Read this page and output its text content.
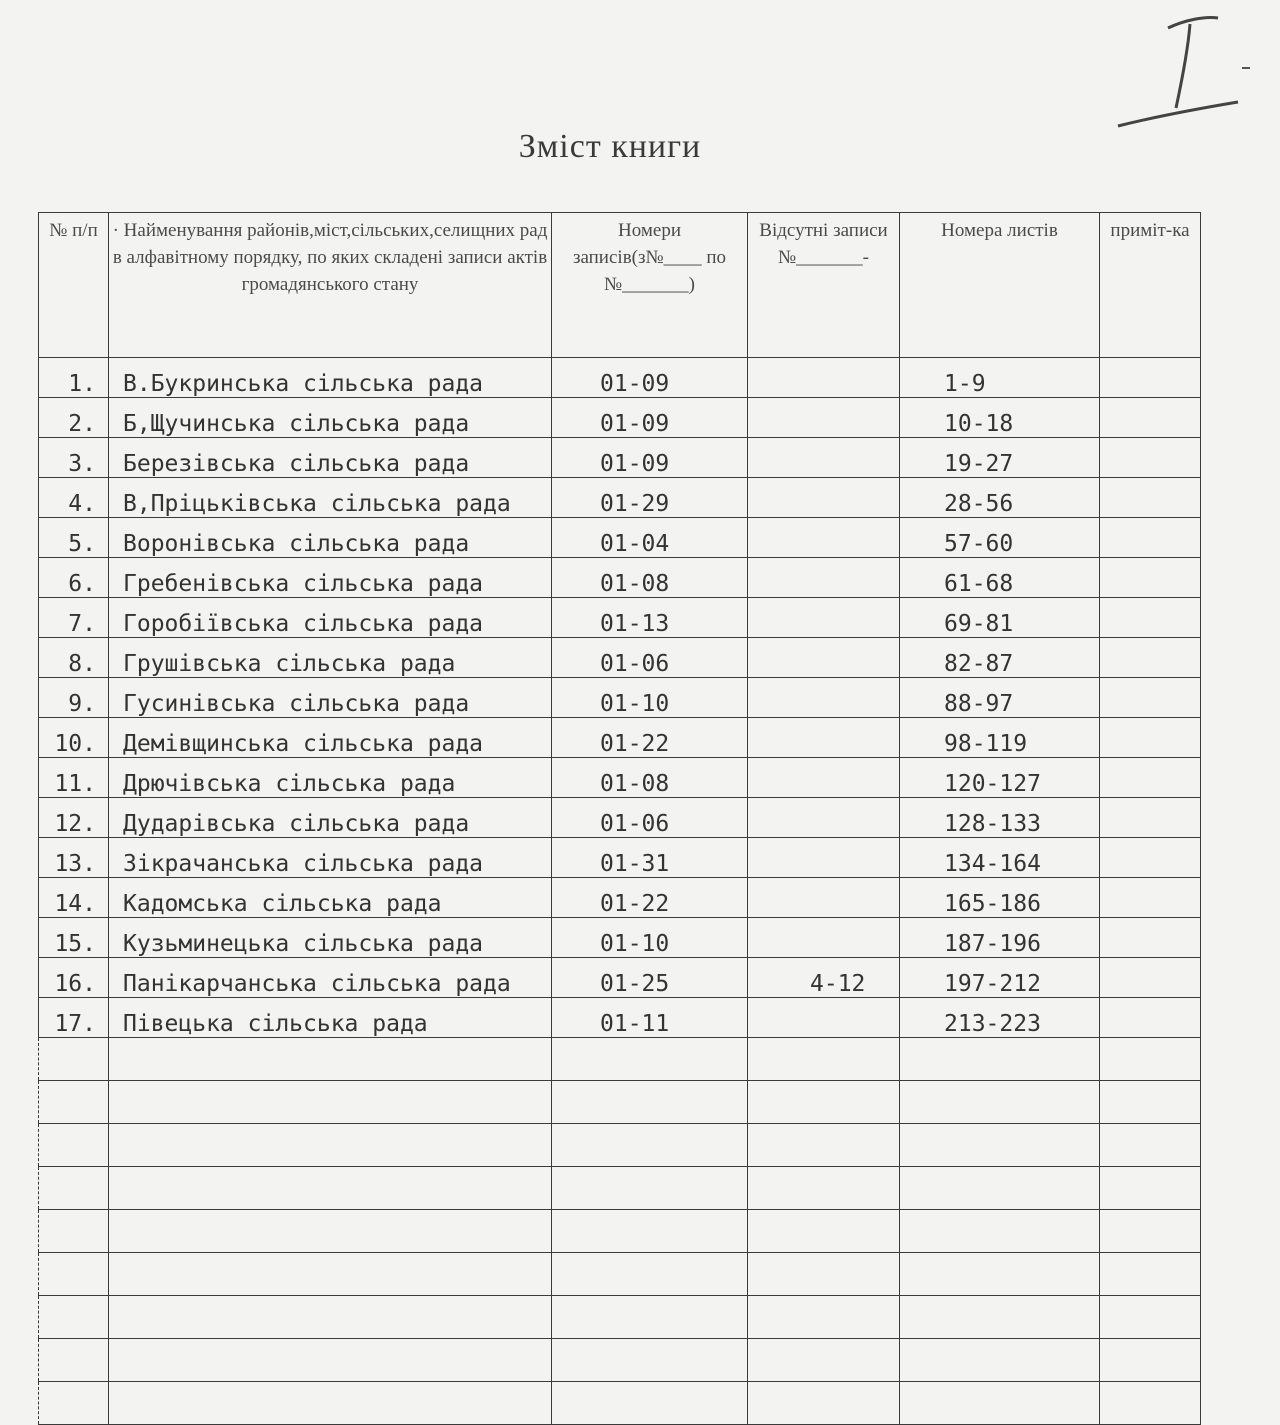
Зміст книги
№ п/п	· Найменування районів,міст,сільських,селищних рад в алфавітному порядку, по яких складені записи актів громадянського стану	Номери записів(з№____ по №_______)	Відсутні записи №_______-	Номера листів	приміт-ка
1.	В.Букринська сільська рада	01-09		1-9	
2.	Б,Щучинська сільська рада	01-09		10-18	
3.	Березівська сільська рада	01-09		19-27	
4.	В,Пріцьківська сільська рада	01-29		28-56	
5.	Воронівська сільська рада	01-04		57-60	
6.	Гребенівська сільська рада	01-08		61-68	
7.	Горобіївська сільська рада	01-13		69-81	
8.	Грушівська сільська рада	01-06		82-87	
9.	Гусинівська сільська рада	01-10		88-97	
10.	Демівщинська сільська рада	01-22		98-119	
11.	Дрючівська сільська рада	01-08		120-127	
12.	Дударівська сільська рада	01-06		128-133	
13.	Зікрачанська сільська рада	01-31		134-164	
14.	Кадомська сільська рада	01-22		165-186	
15.	Кузьминецька сільська рада	01-10		187-196	
16.	Панікарчанська сільська рада	01-25	4-12	197-212	
17.	Півецька сільська рада	01-11		213-223	
